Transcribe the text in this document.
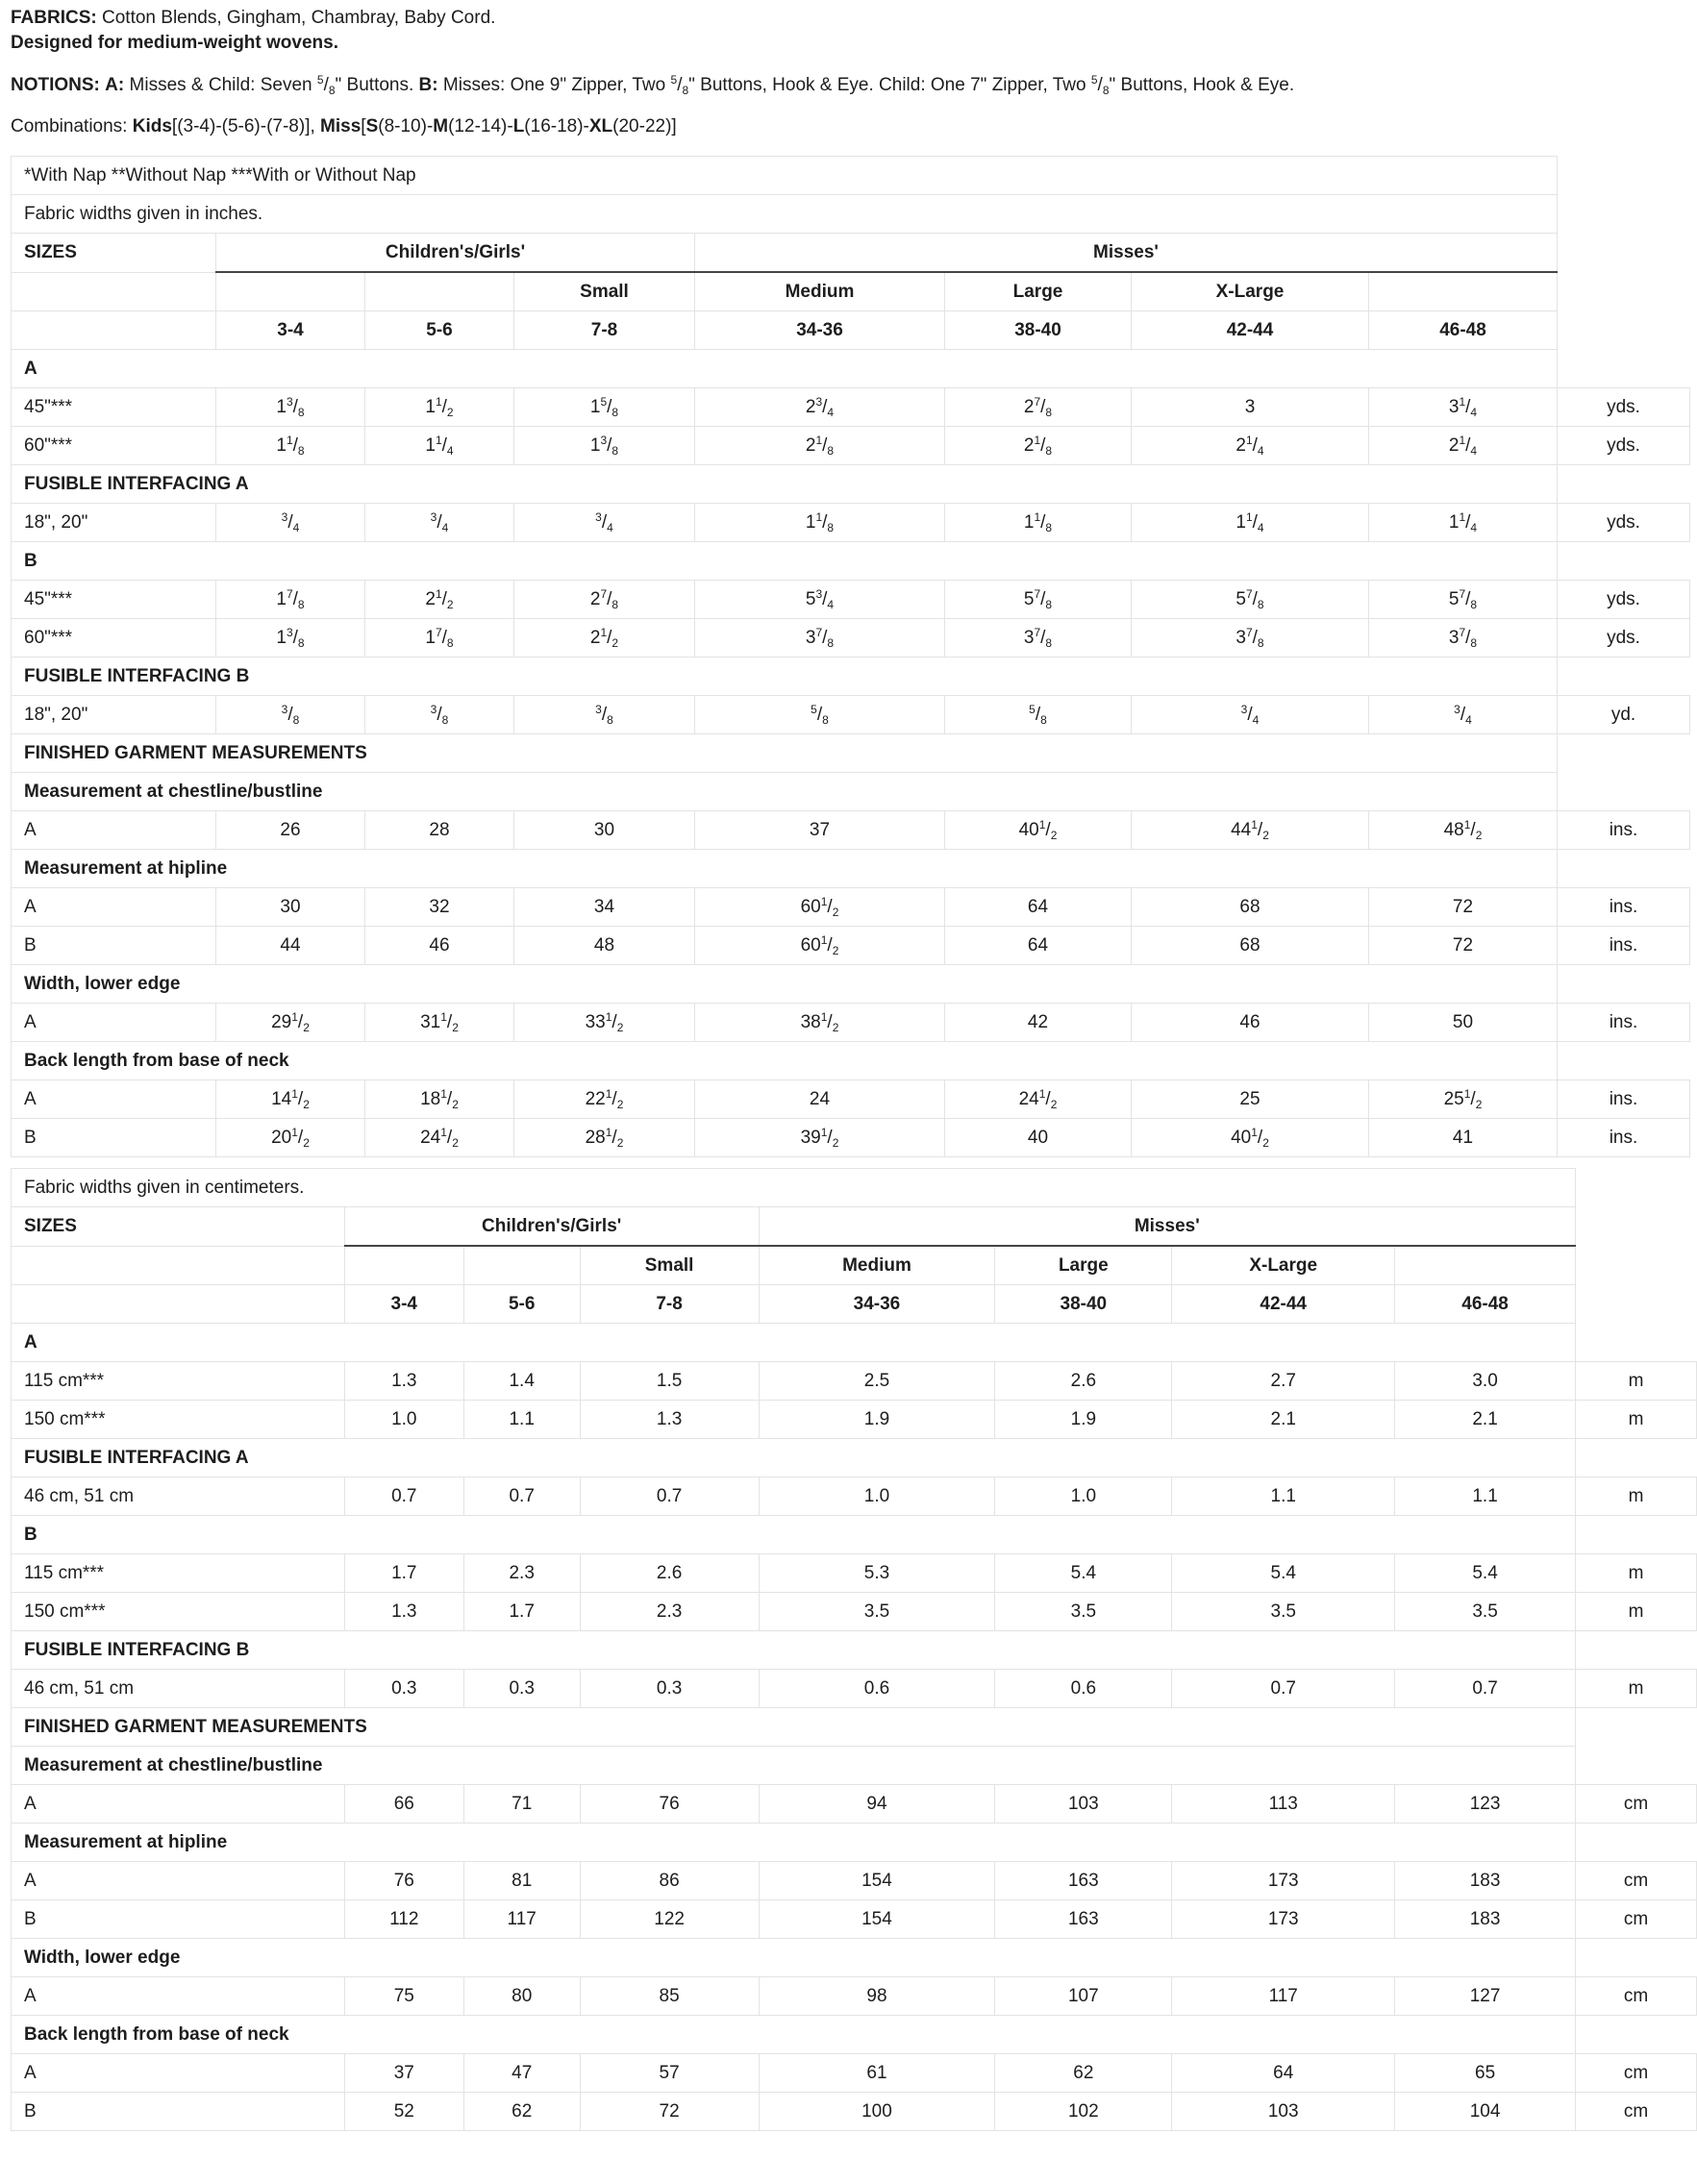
FABRICS: Cotton Blends, Gingham, Chambray, Baby Cord.

Designed for medium-weight wovens.

NOTIONS: A: Misses & Child: Seven $^5/_8$" Buttons. B: Misses: One 9" Zipper, Two $^5/_8$" Buttons, Hook & Eye. Child: One 7" Zipper, Two $^5/_8$" Buttons, Hook & Eye.

Combinations: Kids[(3-4)-(5-6)-(7-8)], Miss[S(8-10)-M(12-14)-L(16-18)-XL(20-22)]

*With Nap **Without Nap ***With or Without Nap								
Fabric widths given in inches.								
SIZES	Children's/Girls'			Misses'				
			Small	Medium	Large	X-Large		
	3-4	5-6	7-8	34-36	38-40	42-44	46-48	
A								
45"***	$1^3/_8$	$1^1/_2$	$1^5/_8$	$2^3/_4$	$2^7/_8$	3	$3^1/_4$	yds.
60"***	$1^1/_8$	$1^1/_4$	$1^3/_8$	$2^1/_8$	$2^1/_8$	$2^1/_4$	$2^1/_4$	yds.
FUSIBLE INTERFACING A								
18", 20"	$^3/_4$	$^3/_4$	$^3/_4$	$1^1/_8$	$1^1/_8$	$1^1/_4$	$1^1/_4$	yds.
B								
45"***	$1^7/_8$	$2^1/_2$	$2^7/_8$	$5^3/_4$	$5^7/_8$	$5^7/_8$	$5^7/_8$	yds.
60"***	$1^3/_8$	$1^7/_8$	$2^1/_2$	$3^7/_8$	$3^7/_8$	$3^7/_8$	$3^7/_8$	yds.
FUSIBLE INTERFACING B								
18", 20"	$^3/_8$	$^3/_8$	$^3/_8$	$^5/_8$	$^5/_8$	$^3/_4$	$^3/_4$	yd.
FINISHED GARMENT MEASUREMENTS								
Measurement at chestline/bustline								
A	26	28	30	37	$40^1/_2$	$44^1/_2$	$48^1/_2$	ins.
Measurement at hipline								
A	30	32	34	$60^1/_2$	64	68	72	ins.
B	44	46	48	$60^1/_2$	64	68	72	ins.
Width, lower edge								
A	$29^1/_2$	$31^1/_2$	$33^1/_2$	$38^1/_2$	42	46	50	ins.
Back length from base of neck								
A	$14^1/_2$	$18^1/_2$	$22^1/_2$	24	$24^1/_2$	25	$25^1/_2$	ins.
B	$20^1/_2$	$24^1/_2$	$28^1/_2$	$39^1/_2$	40	$40^1/_2$	41	ins.
Fabric widths given in centimeters.								
SIZES	Children's/Girls'			Misses'				
			Small	Medium	Large	X-Large		
	3-4	5-6	7-8	34-36	38-40	42-44	46-48	
A								
115 cm***	1.3	1.4	1.5	2.5	2.6	2.7	3.0	m
150 cm***	1.0	1.1	1.3	1.9	1.9	2.1	2.1	m
FUSIBLE INTERFACING A								
46 cm, 51 cm	0.7	0.7	0.7	1.0	1.0	1.1	1.1	m
B								
115 cm***	1.7	2.3	2.6	5.3	5.4	5.4	5.4	m
150 cm***	1.3	1.7	2.3	3.5	3.5	3.5	3.5	m
FUSIBLE INTERFACING B								
46 cm, 51 cm	0.3	0.3	0.3	0.6	0.6	0.7	0.7	m
FINISHED GARMENT MEASUREMENTS								
Measurement at chestline/bustline								
A	66	71	76	94	103	113	123	cm
Measurement at hipline								
A	76	81	86	154	163	173	183	cm
B	112	117	122	154	163	173	183	cm
Width, lower edge								
A	75	80	85	98	107	117	127	cm
Back length from base of neck								
A	37	47	57	61	62	64	65	cm
B	52	62	72	100	102	103	104	cm
